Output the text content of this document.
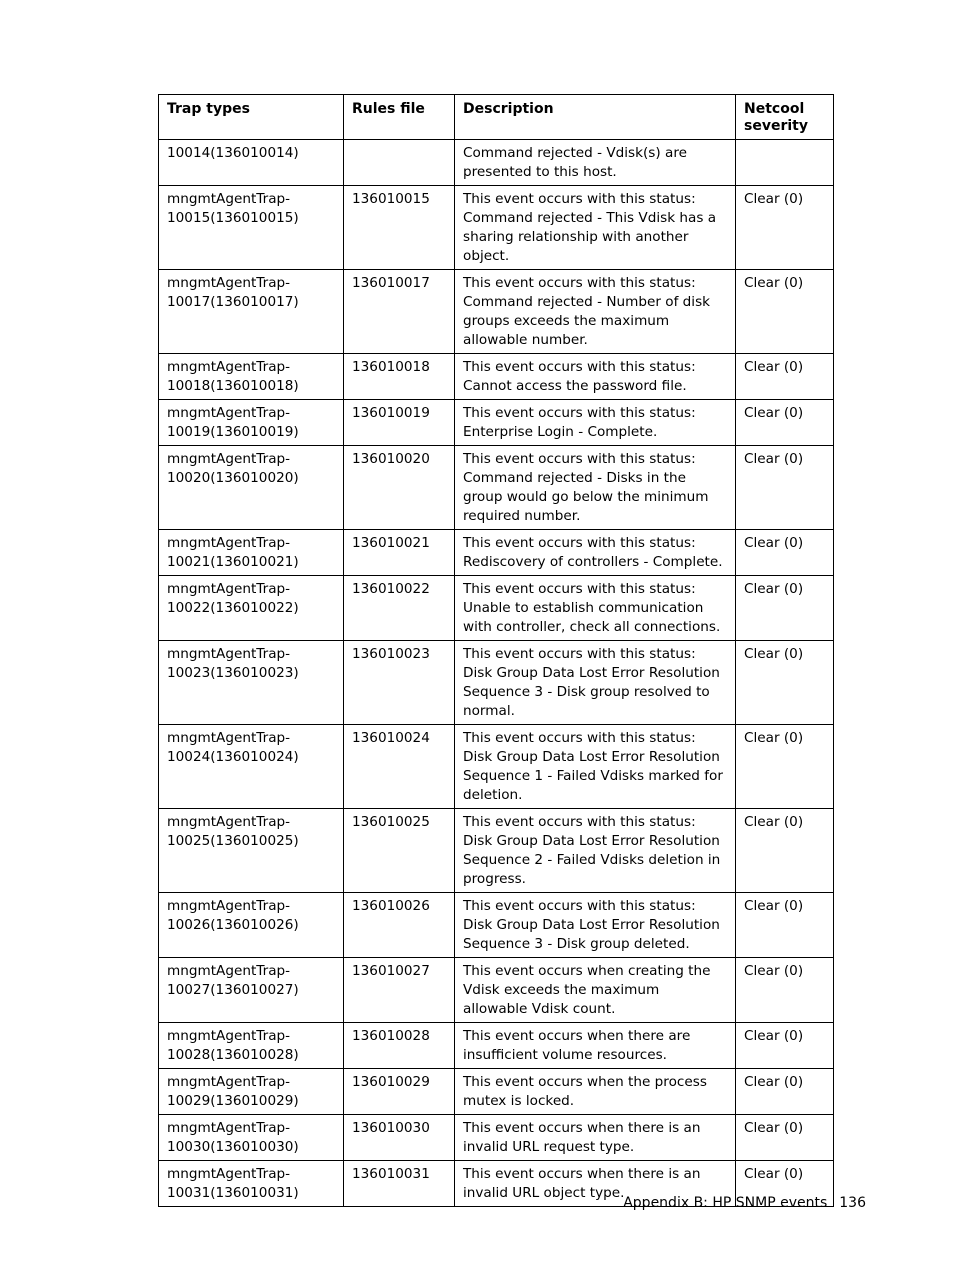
Trap types	Rules file	Description	Netcool severity
10014(136010014)		Command rejected - Vdisk(s) are presented to this host.	
mngmtAgentTrap-10015(136010015)	136010015	This event occurs with this status: Command rejected - This Vdisk has a sharing relationship with another object.	Clear (0)
mngmtAgentTrap-10017(136010017)	136010017	This event occurs with this status: Command rejected - Number of disk groups exceeds the maximum allowable number.	Clear (0)
mngmtAgentTrap-10018(136010018)	136010018	This event occurs with this status: Cannot access the password file.	Clear (0)
mngmtAgentTrap-10019(136010019)	136010019	This event occurs with this status: Enterprise Login - Complete.	Clear (0)
mngmtAgentTrap-10020(136010020)	136010020	This event occurs with this status: Command rejected - Disks in the group would go below the minimum required number.	Clear (0)
mngmtAgentTrap-10021(136010021)	136010021	This event occurs with this status: Rediscovery of controllers - Complete.	Clear (0)
mngmtAgentTrap-10022(136010022)	136010022	This event occurs with this status: Unable to establish communication with controller, check all connections.	Clear (0)
mngmtAgentTrap-10023(136010023)	136010023	This event occurs with this status: Disk Group Data Lost Error Resolution Sequence 3 - Disk group resolved to normal.	Clear (0)
mngmtAgentTrap-10024(136010024)	136010024	This event occurs with this status: Disk Group Data Lost Error Resolution Sequence 1 - Failed Vdisks marked for deletion.	Clear (0)
mngmtAgentTrap-10025(136010025)	136010025	This event occurs with this status: Disk Group Data Lost Error Resolution Sequence 2 - Failed Vdisks deletion in progress.	Clear (0)
mngmtAgentTrap-10026(136010026)	136010026	This event occurs with this status: Disk Group Data Lost Error Resolution Sequence 3 - Disk group deleted.	Clear (0)
mngmtAgentTrap-10027(136010027)	136010027	This event occurs when creating the Vdisk exceeds the maximum allowable Vdisk count.	Clear (0)
mngmtAgentTrap-10028(136010028)	136010028	This event occurs when there are insufficient volume resources.	Clear (0)
mngmtAgentTrap-10029(136010029)	136010029	This event occurs when the process mutex is locked.	Clear (0)
mngmtAgentTrap-10030(136010030)	136010030	This event occurs when there is an invalid URL request type.	Clear (0)
mngmtAgentTrap-10031(136010031)	136010031	This event occurs when there is an invalid URL object type.	Clear (0)
Appendix B: HP SNMP events 136
